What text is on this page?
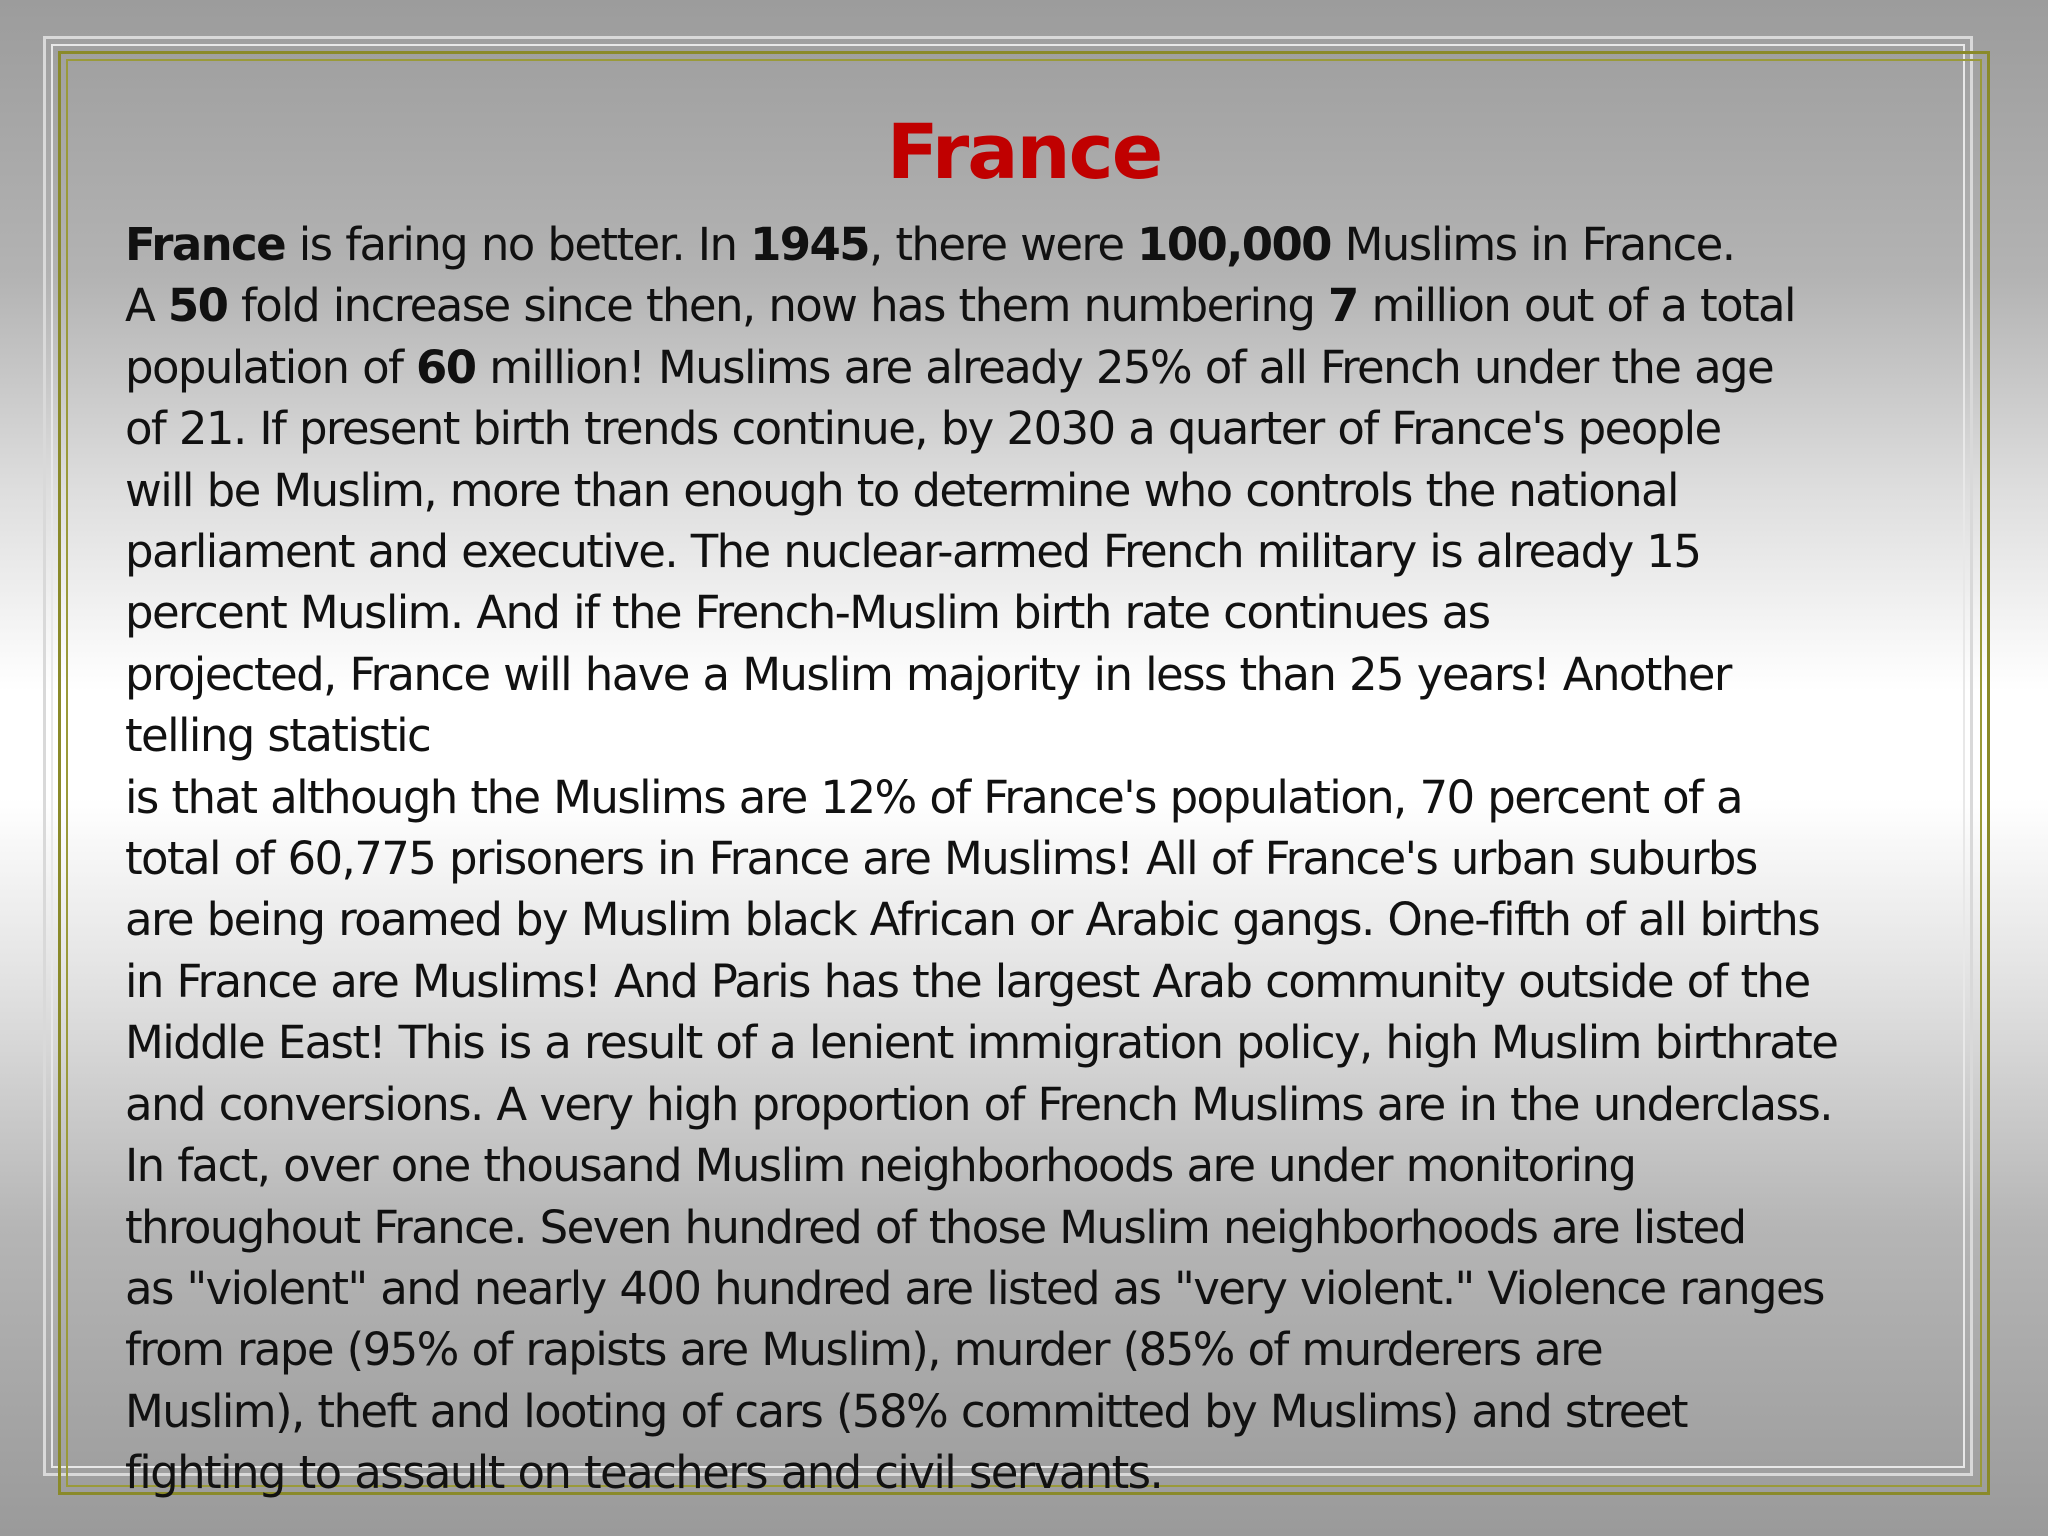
France
France is faring no better. In 1945, there were 100,000 Muslims in France.
A 50 fold increase since then, now has them numbering 7 million out of a total
population of 60 million! Muslims are already 25% of all French under the age
of 21. If present birth trends continue, by 2030 a quarter of France's people
will be Muslim, more than enough to determine who controls the national
parliament and executive. The nuclear-armed French military is already 15
percent Muslim. And if the French-Muslim birth rate continues as
projected, France will have a Muslim majority in less than 25 years! Another
telling statistic
is that although the Muslims are 12% of France's population, 70 percent of a
total of 60,775 prisoners in France are Muslims! All of France's urban suburbs
are being roamed by Muslim black African or Arabic gangs. One-fifth of all births
in France are Muslims! And Paris has the largest Arab community outside of the
Middle East! This is a result of a lenient immigration policy, high Muslim birthrate
and conversions. A very high proportion of French Muslims are in the underclass.
In fact, over one thousand Muslim neighborhoods are under monitoring
throughout France. Seven hundred of those Muslim neighborhoods are listed
as "violent" and nearly 400 hundred are listed as "very violent." Violence ranges
from rape (95% of rapists are Muslim), murder (85% of murderers are
Muslim), theft and looting of cars (58% committed by Muslims) and street
fighting to assault on teachers and civil servants.
